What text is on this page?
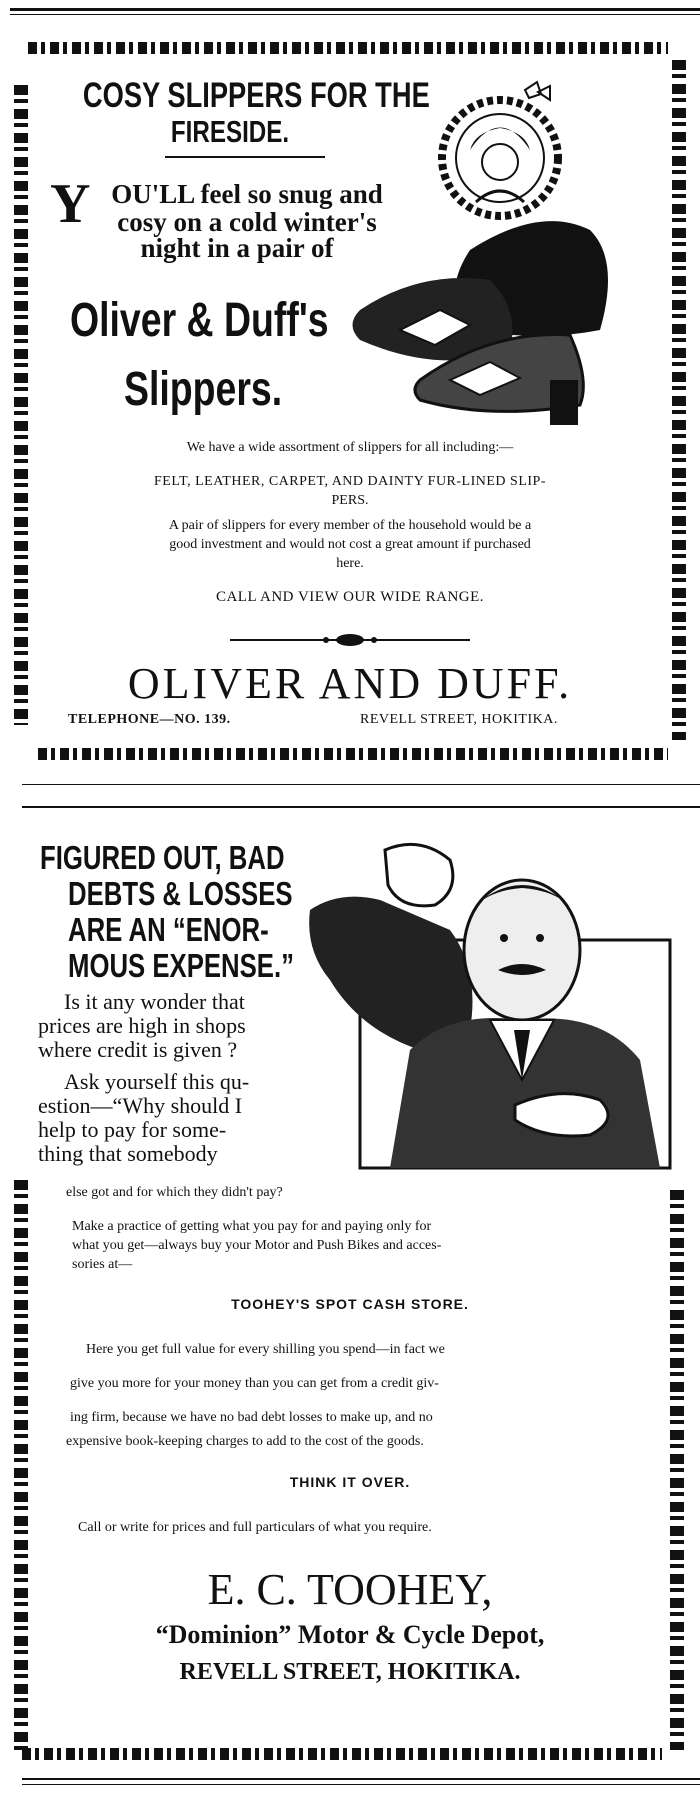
COSY SLIPPERS FOR THE
FIRESIDE.
Y OU'LL feel so snug and
cosy on a cold winter's
night in a pair of
Oliver & Duff's
Slippers.
We have a wide assortment of slippers for all including:—
FELT, LEATHER, CARPET, AND DAINTY FUR-LINED SLIP-
PERS.
A pair of slippers for every member of the household would be a
good investment and would not cost a great amount if purchased
here.
CALL AND VIEW OUR WIDE RANGE.
OLIVER AND DUFF.
TELEPHONE—NO. 139.	REVELL STREET, HOKITIKA.
FIGURED OUT, BAD
DEBTS & LOSSES
ARE AN “ENOR-
MOUS EXPENSE.”
Is it any wonder that
prices are high in shops
where credit is given ?
Ask yourself this qu-
estion—“Why should I
help to pay for some-
thing that somebody	288
else got and for which they didn't pay?
Make a practice of getting what you pay for and paying only for
what you get—always buy your Motor and Push Bikes and acces-
sories at—
TOOHEY'S SPOT CASH STORE.
Here you get full value for every shilling you spend—in fact we
give you more for your money than you can get from a credit giv-
ing firm, because we have no bad debt losses to make up, and no
expensive book-keeping charges to add to the cost of the goods.
THINK IT OVER.
Call or write for prices and full particulars of what you require.
E. C. TOOHEY,
“Dominion” Motor & Cycle Depot,
REVELL STREET, HOKITIKA.
